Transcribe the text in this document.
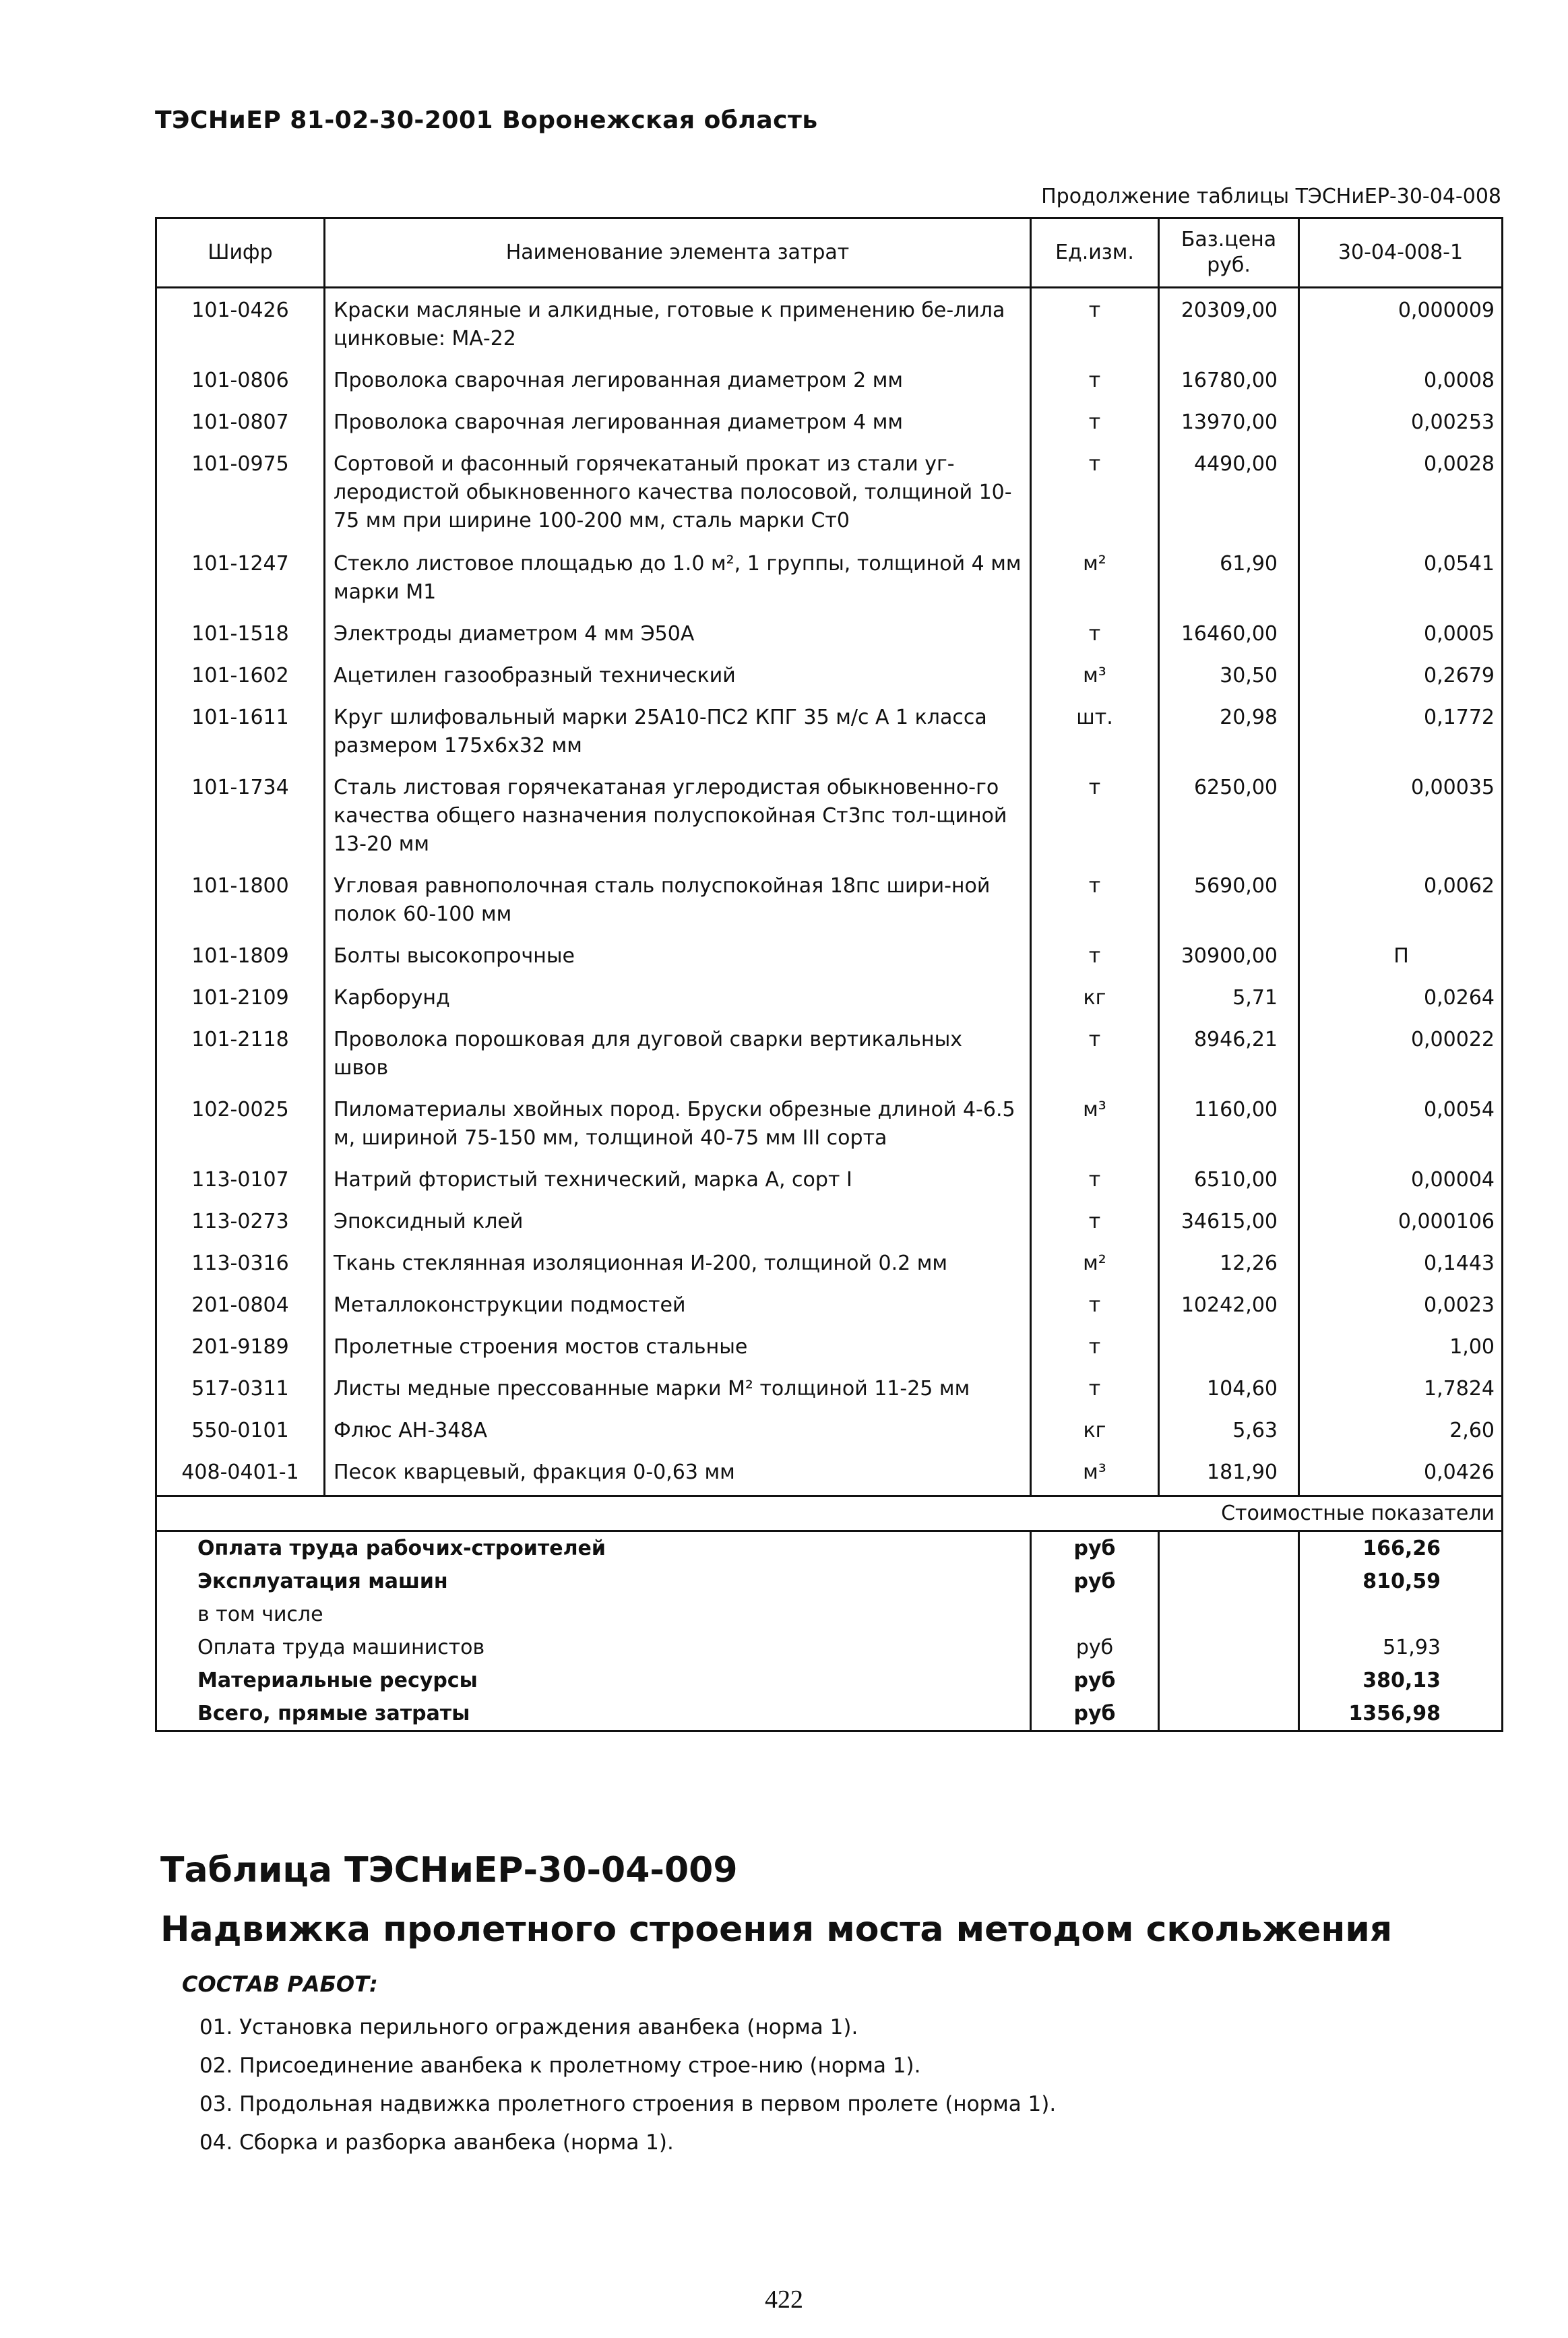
ТЭСНиЕР 81-02-30-2001 Воронежская область
Продолжение таблицы ТЭСНиЕР-30-04-008
Шифр	Наименование элемента затрат	Ед.изм.	Баз.цена руб.	30-04-008-1
101-0426	Краски масляные и алкидные, готовые к применению бе-лила цинковые: МА-22	т	20309,00	0,000009
101-0806	Проволока сварочная легированная диаметром 2 мм	т	16780,00	0,0008
101-0807	Проволока сварочная легированная диаметром 4 мм	т	13970,00	0,00253
101-0975	Сортовой и фасонный горячекатаный прокат из стали уг-леродистой обыкновенного качества полосовой, толщиной 10-75 мм при ширине 100-200 мм, сталь марки Ст0	т	4490,00	0,0028
101-1247	Стекло листовое площадью до 1.0 м², 1 группы, толщиной 4 мм марки М1	м²	61,90	0,0541
101-1518	Электроды диаметром 4 мм Э50А	т	16460,00	0,0005
101-1602	Ацетилен газообразный технический	м³	30,50	0,2679
101-1611	Круг шлифовальный марки 25А10-ПС2 КПГ 35 м/с А 1 класса размером 175х6х32 мм	шт.	20,98	0,1772
101-1734	Сталь листовая горячекатаная углеродистая обыкновенно-го качества общего назначения полуспокойная Ст3пс тол-щиной 13-20 мм	т	6250,00	0,00035
101-1800	Угловая равнополочная сталь полуспокойная 18пс шири-ной полок 60-100 мм	т	5690,00	0,0062
101-1809	Болты высокопрочные	т	30900,00	П
101-2109	Карборунд	кг	5,71	0,0264
101-2118	Проволока порошковая для дуговой сварки вертикальных швов	т	8946,21	0,00022
102-0025	Пиломатериалы хвойных пород. Бруски обрезные длиной 4-6.5 м, шириной 75-150 мм, толщиной 40-75 мм III сорта	м³	1160,00	0,0054
113-0107	Натрий фтористый технический, марка А, сорт I	т	6510,00	0,00004
113-0273	Эпоксидный клей	т	34615,00	0,000106
113-0316	Ткань стеклянная изоляционная И-200, толщиной 0.2 мм	м²	12,26	0,1443
201-0804	Металлоконструкции подмостей	т	10242,00	0,0023
201-9189	Пролетные строения мостов стальные	т		1,00
517-0311	Листы медные прессованные марки М² толщиной 11-25 мм	т	104,60	1,7824
550-0101	Флюс АН-348А	кг	5,63	2,60
408-0401-1	Песок кварцевый, фракция 0-0,63 мм	м³	181,90	0,0426
Стоимостные показатели				
Оплата труда рабочих-строителей		руб		166,26
Эксплуатация машин		руб		810,59
в том числе				
Оплата труда машинистов		руб		51,93
Материальные ресурсы		руб		380,13
Всего, прямые затраты		руб		1356,98
Таблица ТЭСНиЕР-30-04-009
Надвижка пролетного строения моста методом скольжения
СОСТАВ РАБОТ:
01. Установка перильного ограждения аванбека (норма 1).
02. Присоединение аванбека к пролетному строе-нию (норма 1).
03. Продольная надвижка пролетного строения в первом пролете (норма 1).
04. Сборка и разборка аванбека (норма 1).
422
